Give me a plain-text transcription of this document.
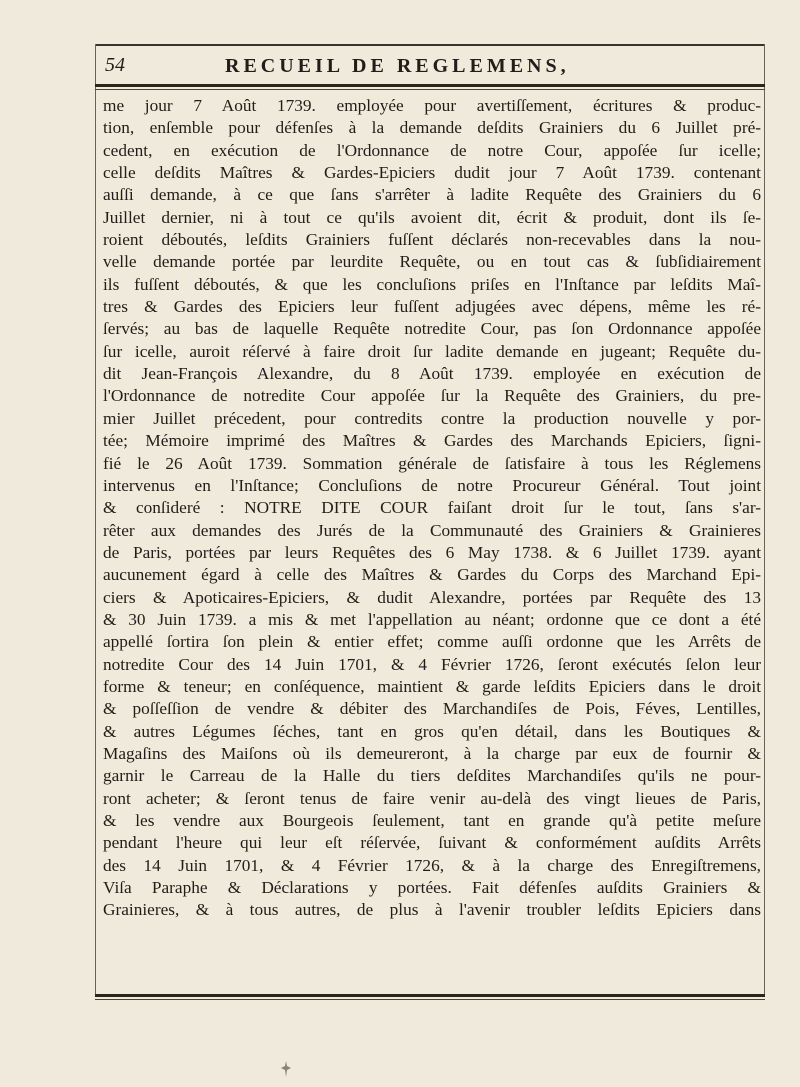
54	RECUEIL DE REGLEMENS,
me jour 7 Août 1739. employée pour avertiſſement, écritures & produc-
tion, enſemble pour défenſes à la demande deſdits Grainiers du 6 Juillet pré-
cedent, en exécution de l'Ordonnance de notre Cour, appoſée ſur icelle;
celle deſdits Maîtres & Gardes-Epiciers dudit jour 7 Août 1739. contenant
auſſi demande, à ce que ſans s'arrêter à ladite Requête des Grainiers du 6
Juillet dernier, ni à tout ce qu'ils avoient dit, écrit & produit, dont ils ſe-
roient déboutés, leſdits Grainiers fuſſent déclarés non-recevables dans la nou-
velle demande portée par leurdite Requête, ou en tout cas & ſubſidiairement
ils fuſſent déboutés, & que les concluſions priſes en l'Inſtance par leſdits Maî-
tres & Gardes des Epiciers leur fuſſent adjugées avec dépens, même les ré-
ſervés; au bas de laquelle Requête notredite Cour, pas ſon Ordonnance appoſée
ſur icelle, auroit réſervé à faire droit ſur ladite demande en jugeant; Requête du-
dit Jean-François Alexandre, du 8 Août 1739. employée en exécution de
l'Ordonnance de notredite Cour appoſée ſur la Requête des Grainiers, du pre-
mier Juillet précedent, pour contredits contre la production nouvelle y por-
tée; Mémoire imprimé des Maîtres & Gardes des Marchands Epiciers, ſigni-
fié le 26 Août 1739. Sommation générale de ſatisfaire à tous les Réglemens
intervenus en l'Inſtance; Concluſions de notre Procureur Général. Tout joint
& conſideré : NOTRE DITE COUR faiſant droit ſur le tout, ſans s'ar-
rêter aux demandes des Jurés de la Communauté des Grainiers & Grainieres
de Paris, portées par leurs Requêtes des 6 May 1738. & 6 Juillet 1739. ayant
aucunement égard à celle des Maîtres & Gardes du Corps des Marchand Epi-
ciers & Apoticaires-Epiciers, & dudit Alexandre, portées par Requête des 13
& 30 Juin 1739. a mis & met l'appellation au néant; ordonne que ce dont a été
appellé ſortira ſon plein & entier effet; comme auſſi ordonne que les Arrêts de
notredite Cour des 14 Juin 1701, & 4 Février 1726, ſeront exécutés ſelon leur
forme & teneur; en conſéquence, maintient & garde leſdits Epiciers dans le droit
& poſſeſſion de vendre & débiter des Marchandiſes de Pois, Féves, Lentilles,
& autres Légumes ſéches, tant en gros qu'en détail, dans les Boutiques &
Magaſins des Maiſons où ils demeureront, à la charge par eux de fournir &
garnir le Carreau de la Halle du tiers deſdites Marchandiſes qu'ils ne pour-
ront acheter; & ſeront tenus de faire venir au-delà des vingt lieues de Paris,
& les vendre aux Bourgeois ſeulement, tant en grande qu'à petite meſure
pendant l'heure qui leur eſt réſervée, ſuivant & conformément auſdits Arrêts
des 14 Juin 1701, & 4 Février 1726, & à la charge des Enregiſtremens,
Viſa Paraphe & Déclarations y portées. Fait défenſes auſdits Grainiers &
Grainieres, & à tous autres, de plus à l'avenir troubler leſdits Epiciers dans
